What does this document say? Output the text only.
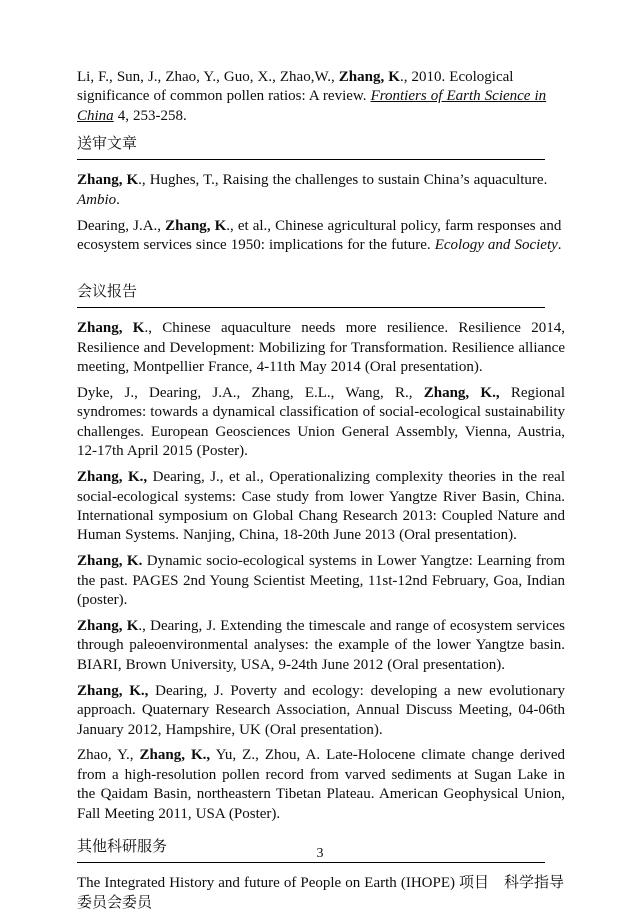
Li, F., Sun, J., Zhao, Y., Guo, X., Zhao,W., Zhang, K., 2010. Ecological significance of common pollen ratios: A review. Frontiers of Earth Science in China 4, 253-258.

送审文章

Zhang, K., Hughes, T., Raising the challenges to sustain China’s aquaculture. Ambio.

Dearing, J.A., Zhang, K., et al., Chinese agricultural policy, farm responses and ecosystem services since 1950: implications for the future. Ecology and Society.

会议报告

Zhang, K., Chinese aquaculture needs more resilience. Resilience 2014, Resilience and Development: Mobilizing for Transformation. Resilience alliance meeting, Montpellier France, 4-11th May 2014 (Oral presentation).

Dyke, J., Dearing, J.A., Zhang, E.L., Wang, R., Zhang, K., Regional syndromes: towards a dynamical classification of social-ecological sustainability challenges. European Geosciences Union General Assembly, Vienna, Austria, 12-17th April 2015 (Poster).

Zhang, K., Dearing, J., et al., Operationalizing complexity theories in the real social-ecological systems: Case study from lower Yangtze River Basin, China. International symposium on Global Chang Research 2013: Coupled Nature and Human Systems. Nanjing, China, 18-20th June 2013 (Oral presentation).

Zhang, K. Dynamic socio-ecological systems in Lower Yangtze: Learning from the past. PAGES 2nd Young Scientist Meeting, 11st-12nd February, Goa, Indian (poster).

Zhang, K., Dearing, J. Extending the timescale and range of ecosystem services through paleoenvironmental analyses: the example of the lower Yangtze basin. BIARI, Brown University, USA, 9-24th June 2012 (Oral presentation).

Zhang, K., Dearing, J. Poverty and ecology: developing a new evolutionary approach. Quaternary Research Association, Annual Discuss Meeting, 04-06th January 2012, Hampshire, UK (Oral presentation).

Zhao, Y., Zhang, K., Yu, Z., Zhou, A. Late-Holocene climate change derived from a high-resolution pollen record from varved sediments at Sugan Lake in the Qaidam Basin, northeastern Tibetan Plateau. American Geophysical Union, Fall Meeting 2011, USA (Poster).

其他科研服务

The Integrated History and future of People on Earth (IHOPE) 项目　科学指导委员会委员

3
